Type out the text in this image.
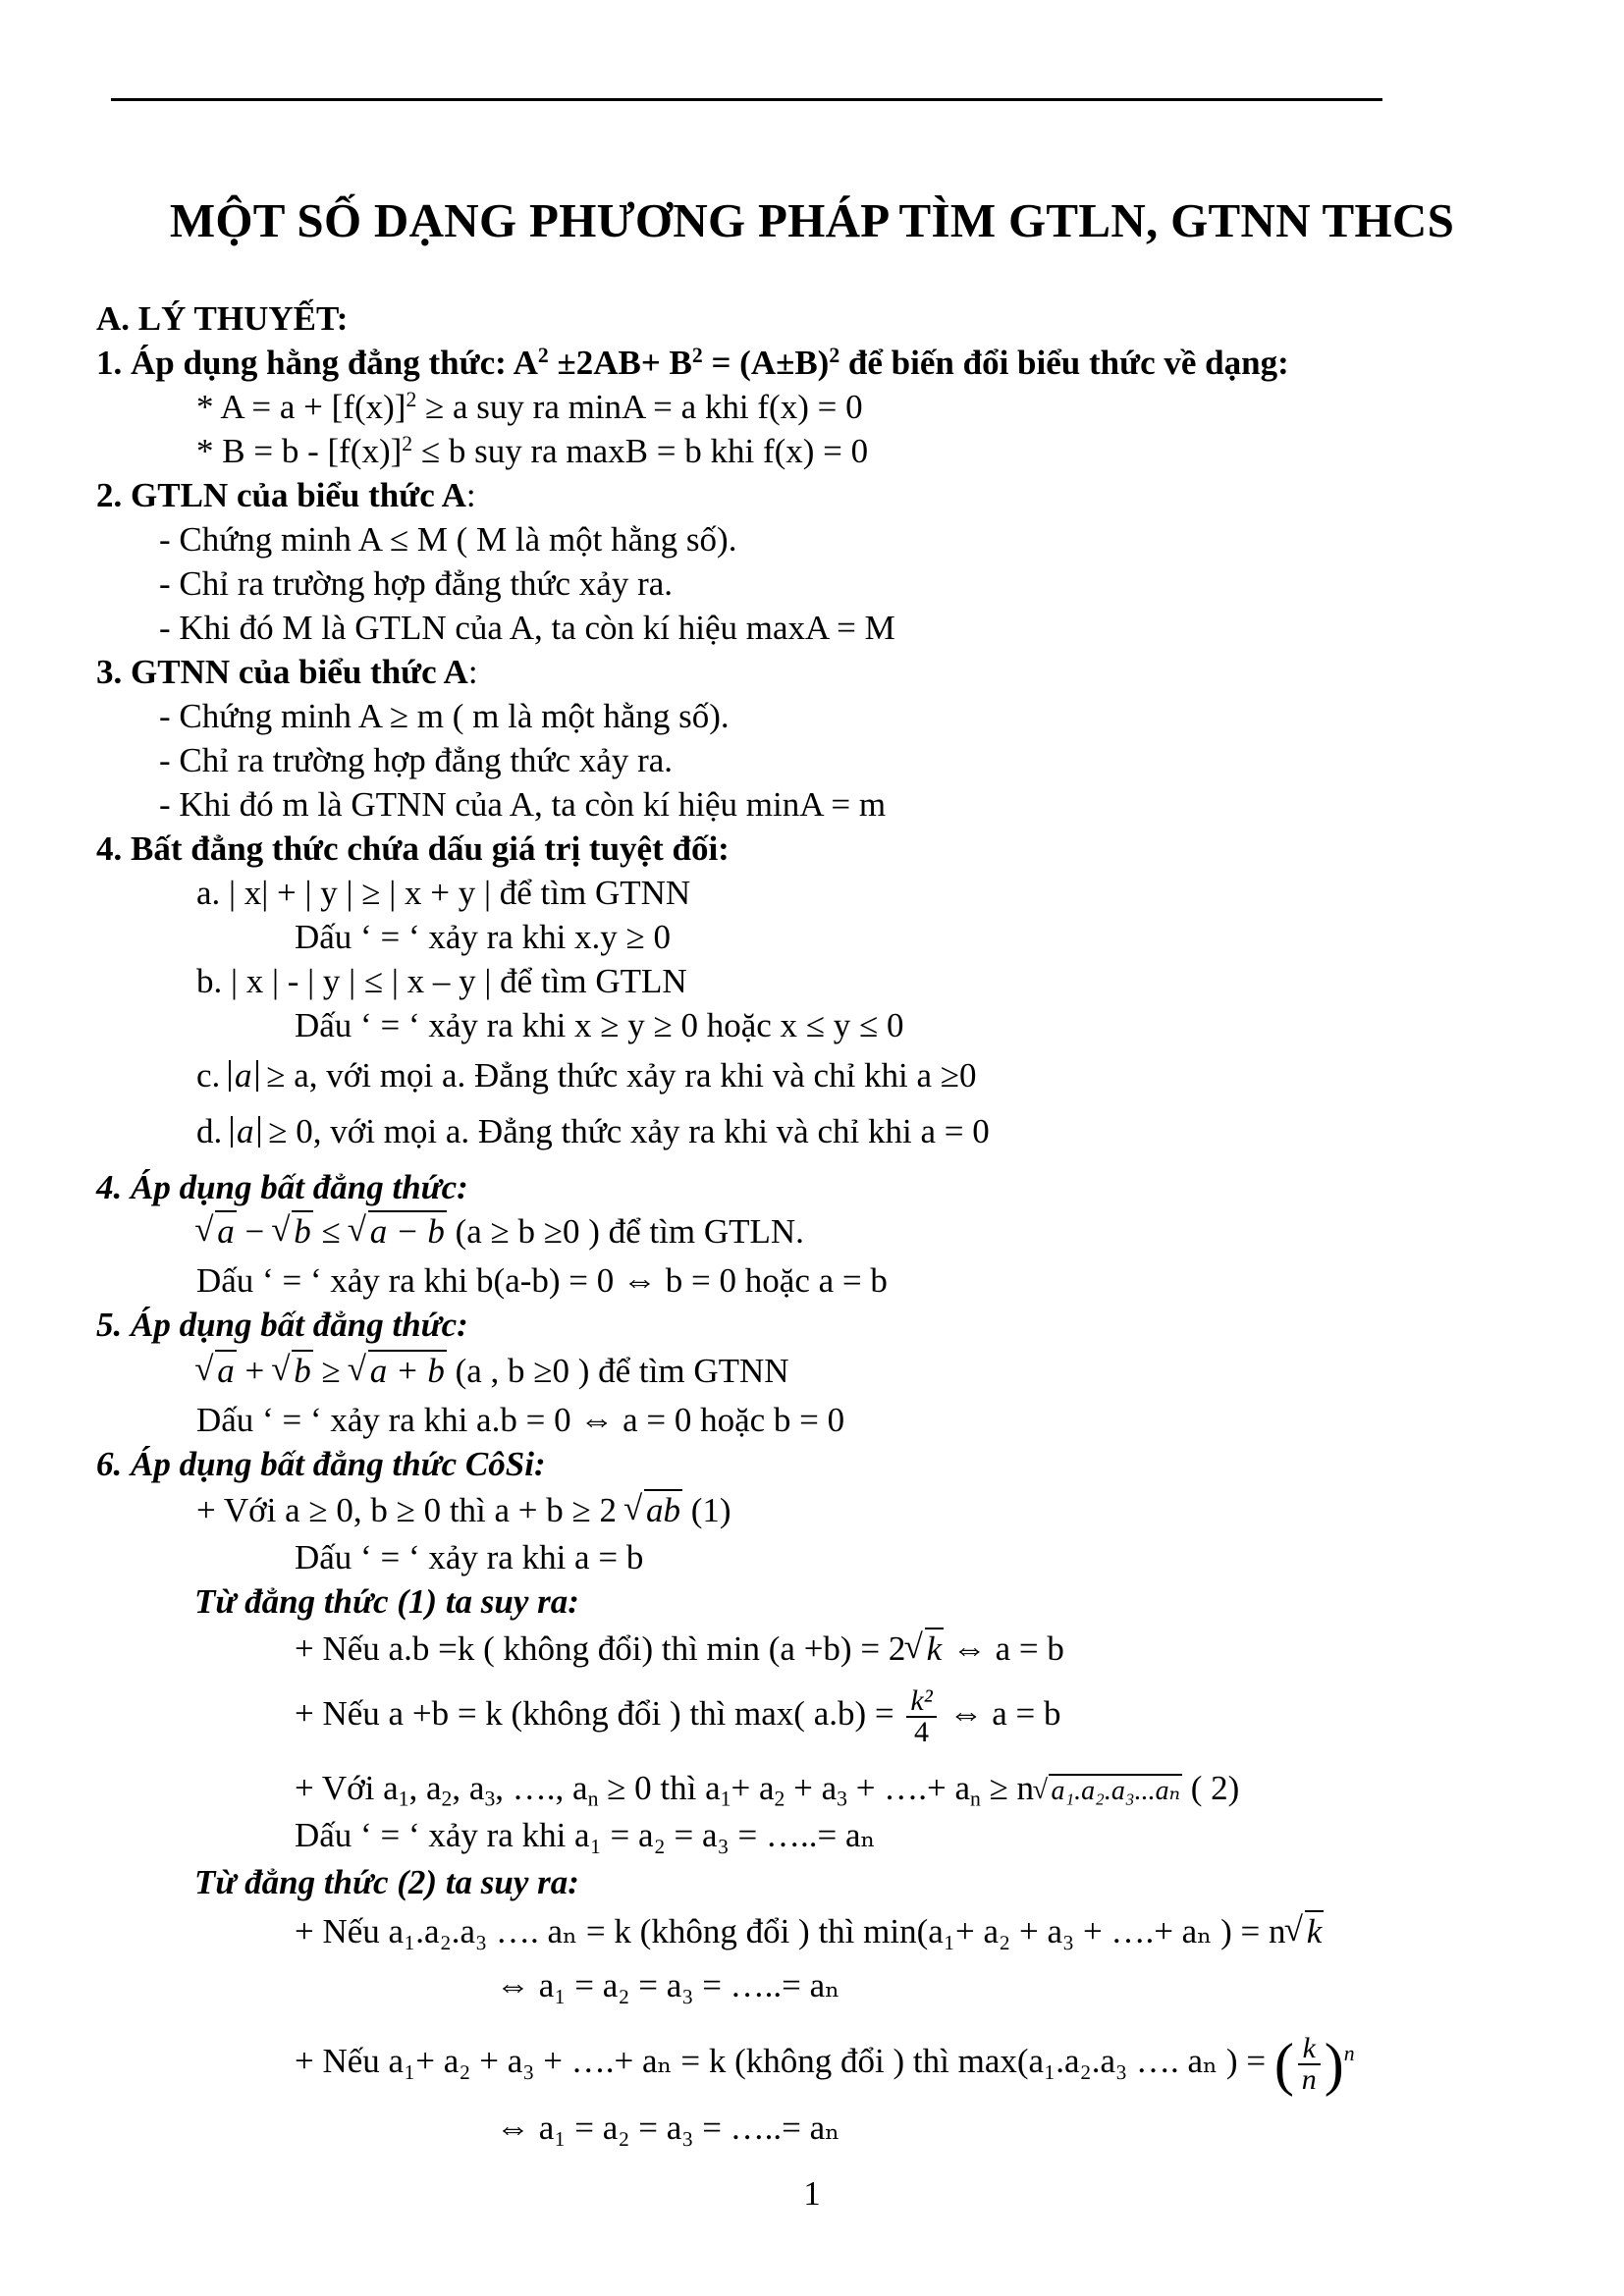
MỘT SỐ DẠNG PHƯƠNG PHÁP TÌM GTLN, GTNN THCS
A. LÝ THUYẾT:
1. Áp dụng hằng đẳng thức: $A^2 \pm 2AB+ B^2 = (A\pm B)^2$ để biến đổi biểu thức về dạng:
* $A = a + [f(x)]^2 \ge a$ suy ra minA = a khi f(x) = 0
* $B = b - [f(x)]^2 \le b$ suy ra maxB = b khi f(x) = 0
2. GTLN của biểu thức A:
- Chứng minh A ≤ M ( M là một hằng số).
- Chỉ ra trường hợp đẳng thức xảy ra.
- Khi đó M là GTLN của A, ta còn kí hiệu maxA = M
3. GTNN của biểu thức A:
- Chứng minh A ≥ m ( m là một hằng số).
- Chỉ ra trường hợp đẳng thức xảy ra.
- Khi đó m là GTNN của A, ta còn kí hiệu minA = m
4. Bất đẳng thức chứa dấu giá trị tuyệt đối:
a. | x| + | y | ≥ | x + y | để tìm GTNN
Dấu ‘ = ‘ xảy ra khi x.y ≥ 0
b. | x | - | y | ≤ | x – y | để tìm GTLN
Dấu ‘ = ‘ xảy ra khi x ≥ y ≥ 0 hoặc x ≤ y ≤ 0
c. a ≥ a, với mọi a. Đẳng thức xảy ra khi và chỉ khi a ≥0
d. a ≥ 0, với mọi a. Đẳng thức xảy ra khi và chỉ khi a = 0
4. Áp dụng bất đẳng thức:
√ a − √ b ≤ √ a − b (a ≥ b ≥0 ) để tìm GTLN.
Dấu ‘ = ‘ xảy ra khi b(a-b) = 0 ⇔ b = 0 hoặc a = b
5. Áp dụng bất đẳng thức:
√ a + √ b ≥ √ a + b (a , b ≥0 ) để tìm GTNN
Dấu ‘ = ‘ xảy ra khi a.b = 0 ⇔ a = 0 hoặc b = 0
6. Áp dụng bất đẳng thức CôSi:
+ Với a ≥ 0, b ≥ 0 thì a + b ≥ 2 √ ab (1)
Dấu ‘ = ‘ xảy ra khi a = b
Từ đẳng thức (1) ta suy ra:
+ Nếu a.b =k ( không đổi) thì min (a +b) = 2√ k ⇔ a = b
+ Nếu a +b = k (không đổi ) thì max( $a.b) = \frac{\text{k²}}{4}$ ⇔ a = b
+ Với $a_1$, $a_2$, $a_3$, …., $a_n \ge 0$ thì $a_1+ a_2 + a_3$ + ….+ $a_n \ge n√$ a₁.a₂.a₃...aₙ ( 2)
Dấu ‘ = ‘ xảy ra khi a₁ = a₂ = a₃ = …..= aₙ
Từ đẳng thức (2) ta suy ra:
+ Nếu a₁.a₂.a₃ …. aₙ = k (không đổi ) thì min(a₁+ a₂ + a₃ + ….+ aₙ ) = n√ k
⇔ a₁ = a₂ = a₃ = …..= aₙ
+ Nếu a₁+ a₂ + a₃ + ….+ aₙ = k (không đổi ) thì max(a₁.a₂.a₃ …. aₙ ) = ( $\frac{k}{n} )^n$
⇔ a₁ = a₂ = a₃ = …..= aₙ
1
